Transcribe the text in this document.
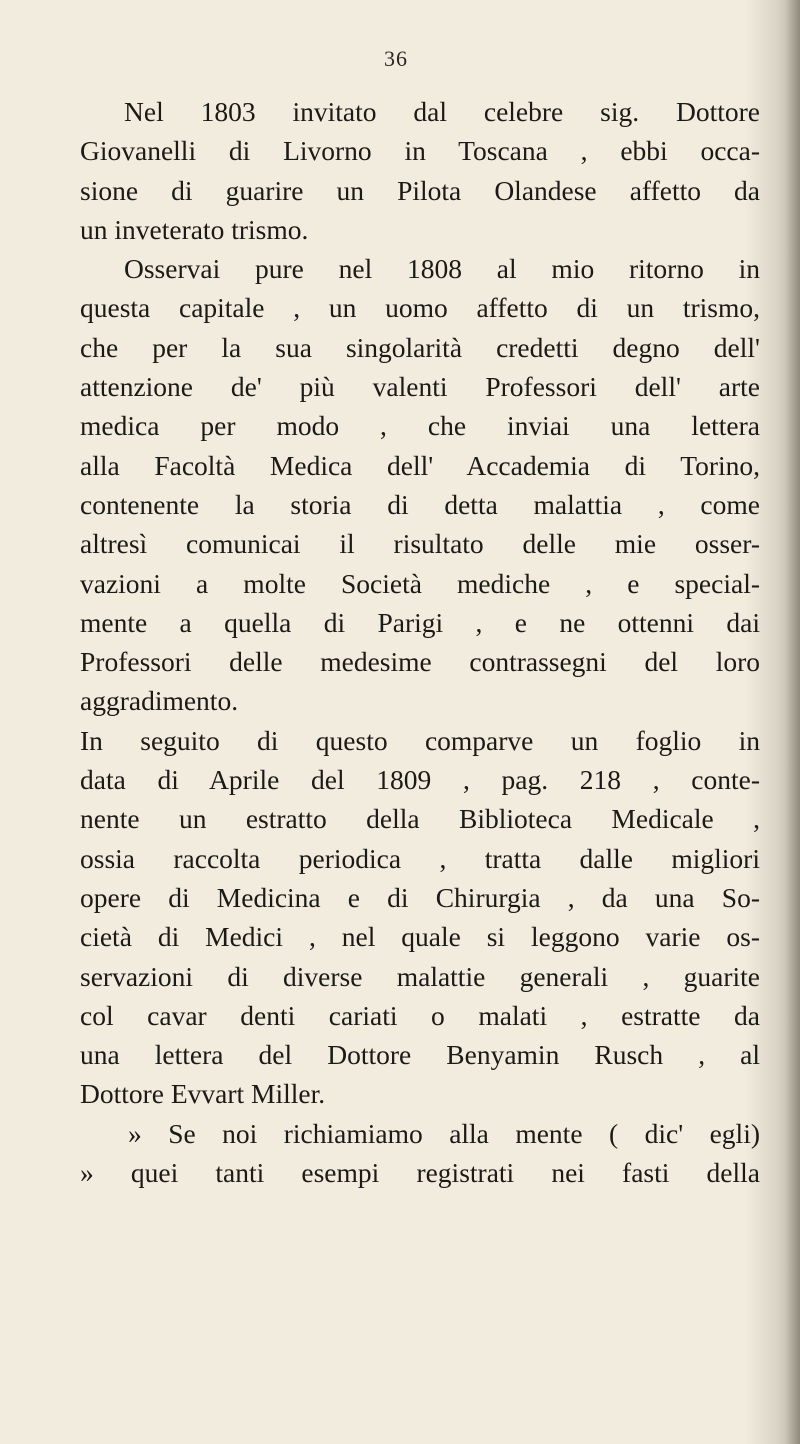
36
Nel 1803 invitato dal celebre sig. Dottore
Giovanelli di Livorno in Toscana , ebbi occa-
sione di guarire un Pilota Olandese affetto da
un inveterato trismo.
Osservai pure nel 1808 al mio ritorno in
questa capitale , un uomo affetto di un trismo,
che per la sua singolarità credetti degno dell'
attenzione de' più valenti Professori dell' arte
medica per modo , che inviai una lettera
alla Facoltà Medica dell' Accademia di Torino,
contenente la storia di detta malattia , come
altresì comunicai il risultato delle mie osser-
vazioni a molte Società mediche , e special-
mente a quella di Parigi , e ne ottenni dai
Professori delle medesime contrassegni del loro
aggradimento.
In seguito di questo comparve un foglio in
data di Aprile del 1809 , pag. 218 , conte-
nente un estratto della Biblioteca Medicale ,
ossia raccolta periodica , tratta dalle migliori
opere di Medicina e di Chirurgia , da una So-
cietà di Medici , nel quale si leggono varie os-
servazioni di diverse malattie generali , guarite
col cavar denti cariati o malati , estratte da
una lettera del Dottore Benyamin Rusch , al
Dottore Evvart Miller.
» Se noi richiamiamo alla mente ( dic' egli)
» quei tanti esempi registrati nei fasti della
